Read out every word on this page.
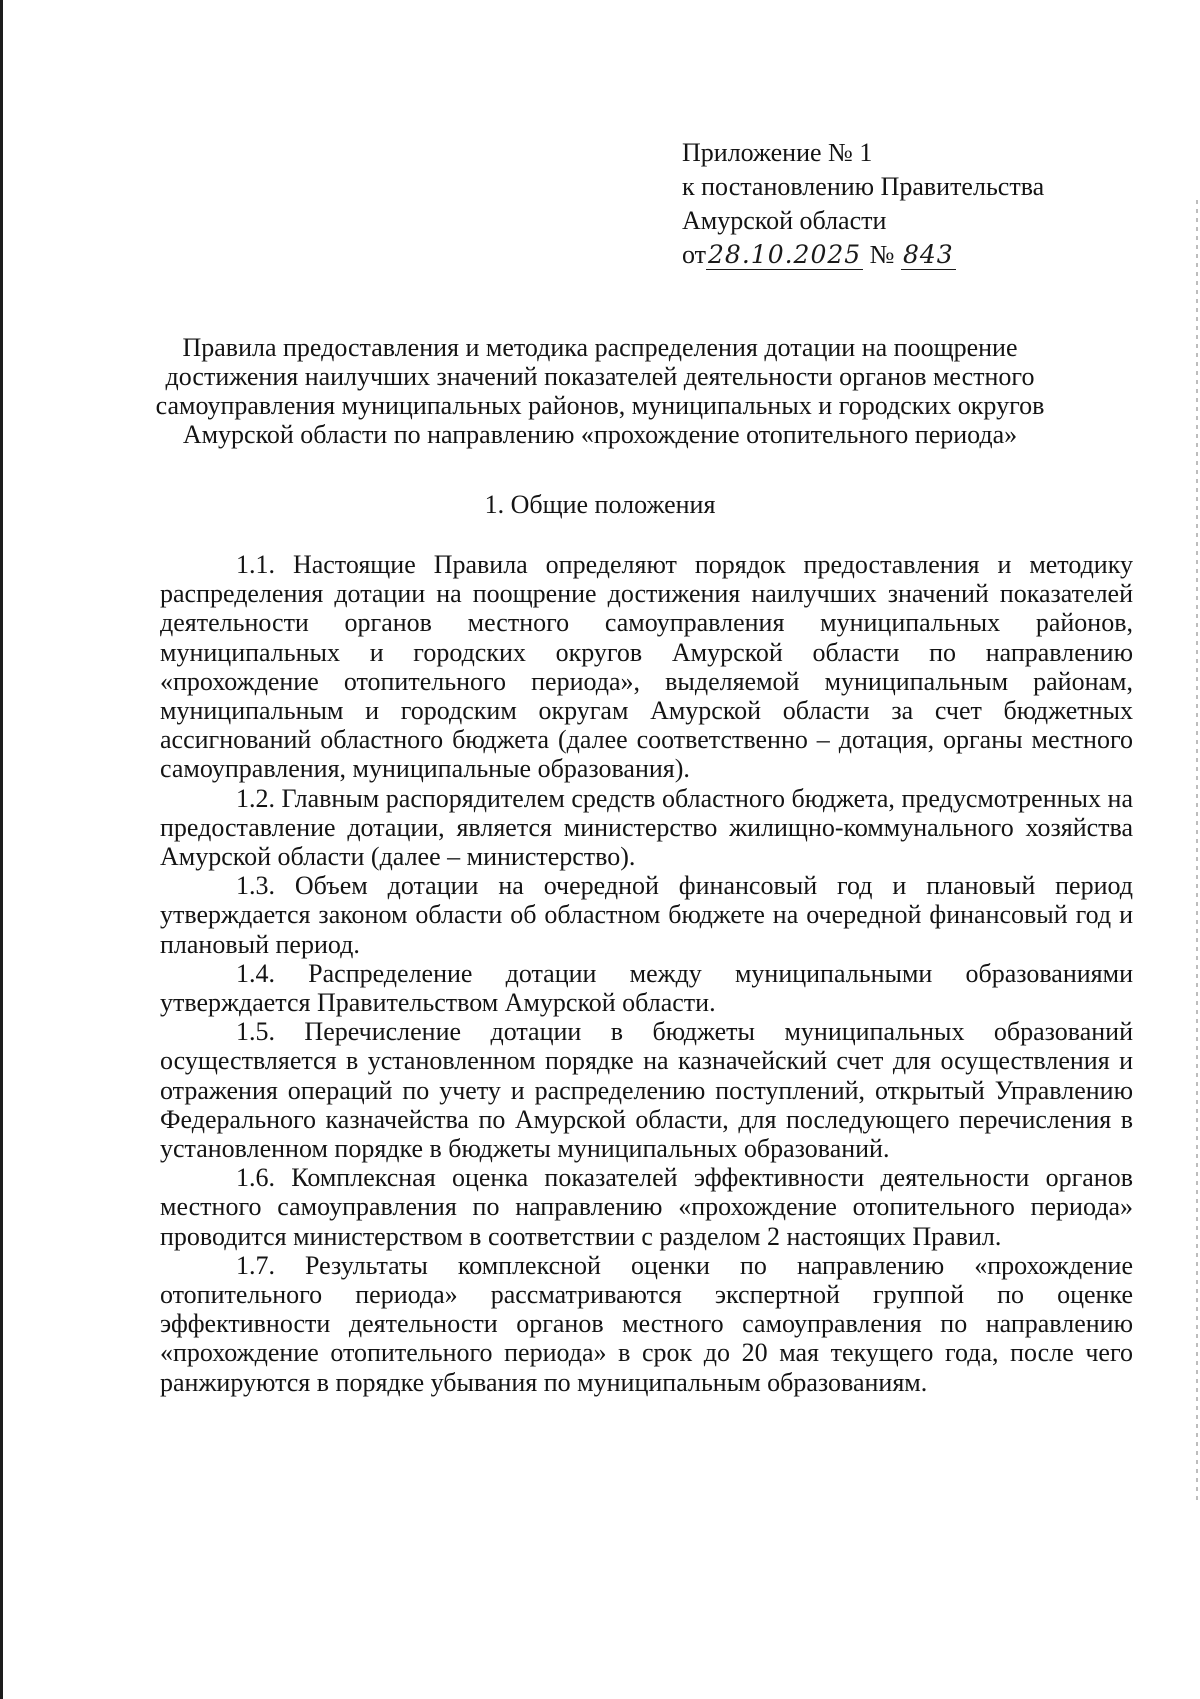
Приложение № 1
к постановлению Правительства
Амурской области
от28.10.2025 № 843
Правила предоставления и методика распределения дотации на поощрение достижения наилучших значений показателей деятельности органов местного самоуправления муниципальных районов, муниципальных и городских округов Амурской области по направлению «прохождение отопительного периода»
1. Общие положения

1.1. Настоящие Правила определяют порядок предоставления и методику распределения дотации на поощрение достижения наилучших значений показателей деятельности органов местного самоуправления муниципальных районов, муниципальных и городских округов Амурской области по направлению «прохождение отопительного периода», выделяемой муниципальным районам, муниципальным и городским округам Амурской области за счет бюджетных ассигнований областного бюджета (далее соответственно – дотация, органы местного самоуправления, муниципальные образования).

1.2. Главным распорядителем средств областного бюджета, предусмотренных на предоставление дотации, является министерство жилищно-коммунального хозяйства Амурской области (далее – министерство).

1.3. Объем дотации на очередной финансовый год и плановый период утверждается законом области об областном бюджете на очередной финансовый год и плановый период.

1.4. Распределение дотации между муниципальными образованиями утверждается Правительством Амурской области.

1.5. Перечисление дотации в бюджеты муниципальных образований осуществляется в установленном порядке на казначейский счет для осуществления и отражения операций по учету и распределению поступлений, открытый Управлению Федерального казначейства по Амурской области, для последующего перечисления в установленном порядке в бюджеты муниципальных образований.

1.6. Комплексная оценка показателей эффективности деятельности органов местного самоуправления по направлению «прохождение отопительного периода» проводится министерством в соответствии с разделом 2 настоящих Правил.

1.7. Результаты комплексной оценки по направлению «прохождение отопительного периода» рассматриваются экспертной группой по оценке эффективности деятельности органов местного самоуправления по направлению «прохождение отопительного периода» в срок до 20 мая текущего года, после чего ранжируются в порядке убывания по муниципальным образованиям.
